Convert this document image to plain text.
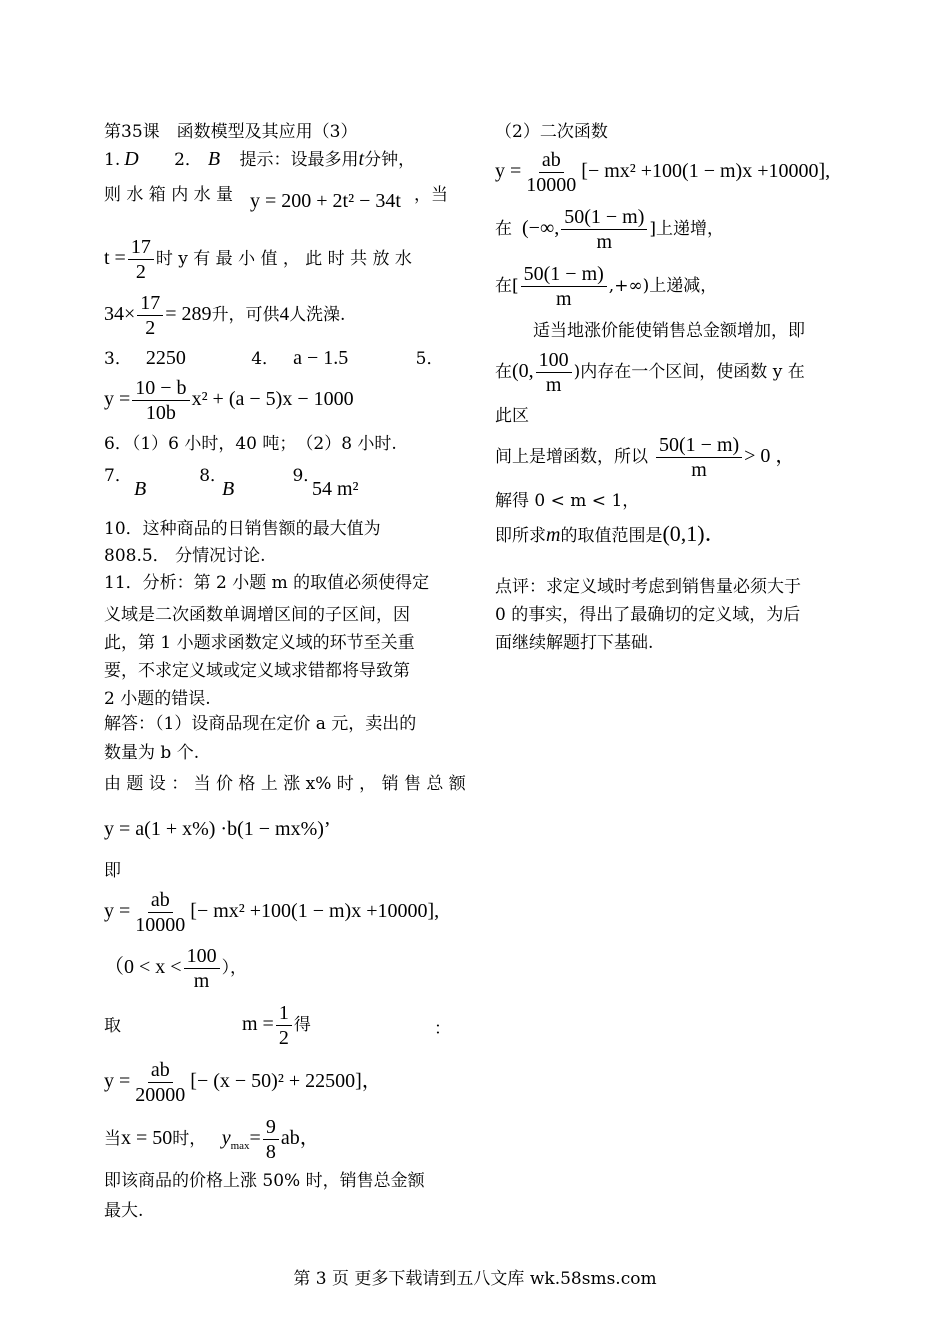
第35课　函数模型及其应用（3）
1. D 2． B 提示：设最多用t分钟，
则 水 箱 内 水 量 y = 200 + 2t² − 34t ，当
$t = \frac{17}{2}$ 时 y 有 最 小 值 ， 此 时 共 放 水
$34\times \frac{17}{2} = 289$升，可供4人洗澡.
3． 2250	4． a − 1.5	5．
$y = \frac{10 - b}{10b} x^2 + (a - 5)x - 1000$
6．（1）6 小时，40 吨；　（2）8 小时.
7．	8．	9．
B	B	54 m²
10．这种商品的日销售额的最大值为
808.5． 分情况讨论.
11．分析：第 2 小题 m 的取值必须使得定
义域是二次函数单调增区间的子区间，因
此，第 1 小题求函数定义域的环节至关重
要，不求定义域或定义域求错都将导致第
2 小题的错误.
解答：（1）设商品现在定价 a 元，卖出的
数量为 b 个.
由 题 设 ： 当 价 格 上 涨 x% 时 ， 销 售 总 额
y = a(1 + x%) ·b(1 − mx%)’
即
$y = \frac{ab}{10000}$ [− mx² +100(1 − m)x +10000],
（$0 < x < \frac{100}{m}$ ），
取	$m = \frac{1}{2}$ 得	：
$y = \frac{ab}{20000}$ [− (x − 50)² + 22500]，
当x = 50时， $y_{max}= \frac{9}{8}$ ab，
即该商品的价格上涨 50% 时，销售总金额
最大.
（2）二次函数
$y = \frac{ab}{10000}$ [− mx² +100(1 − m)x +10000],
在 (−∞, $\frac{50(1 - m)}{m}$ ]上递增，
在[ $\frac{50(1 - m)}{m}$ ,+∞)上递减，
适当地涨价能使销售总金额增加，即
在(0, $\frac{100}{m}$ )内存在一个区间，使函数 y 在
此区
间上是增函数，所以 $\frac{50(1 - m)}{m} > 0$ ，
解得 0 < m < 1，
即所求m的取值范围是(0,1)．
点评：求定义域时考虑到销售量必须大于
0 的事实，得出了最确切的定义域，为后
面继续解题打下基础.
第 3 页 更多下载请到五八文库 wk.58sms.com
